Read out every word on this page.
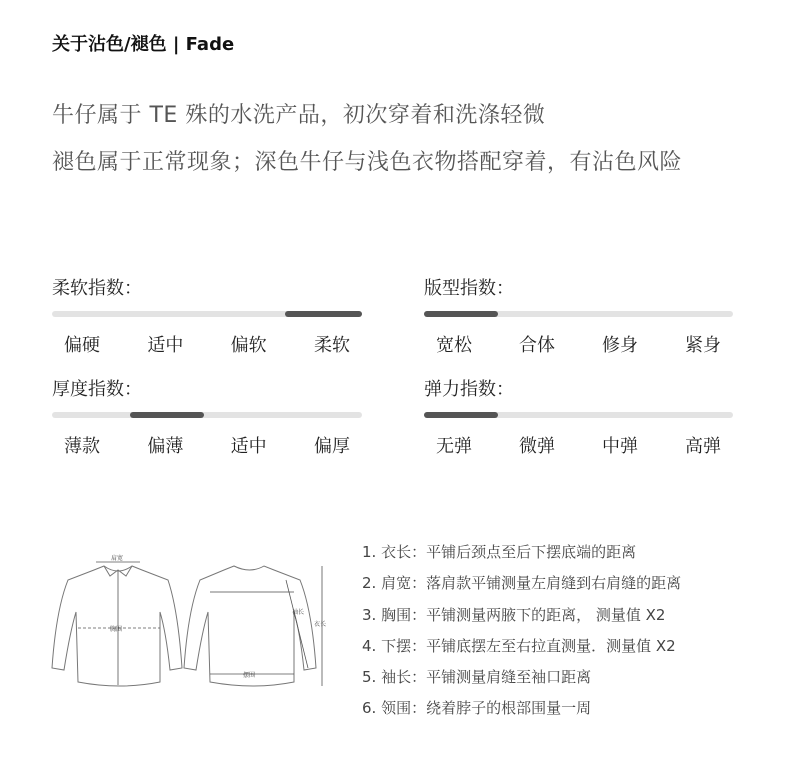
关于沾色/褪色 | Fade
牛仔属于 TE 殊的水洗产品，初次穿着和洗涤轻微
褪色属于正常现象；深色牛仔与浅色衣物搭配穿着，有沾色风险
柔软指数：
偏硬	适中	偏软	柔软
版型指数：
宽松	合体	修身	紧身
厚度指数：
薄款	偏薄	适中	偏厚
弹力指数：
无弹	微弹	中弹	高弹
肩宽
胸围
袖长
衣长
摆围
1. 衣长：平铺后颈点至后下摆底端的距离
2. 肩宽：落肩款平铺测量左肩缝到右肩缝的距离
3. 胸围：平铺测量两腋下的距离， 测量值 X2
4. 下摆：平铺底摆左至右拉直测量．测量值 X2
5. 袖长：平铺测量肩缝至袖口距离
6. 领围：绕着脖子的根部围量一周
